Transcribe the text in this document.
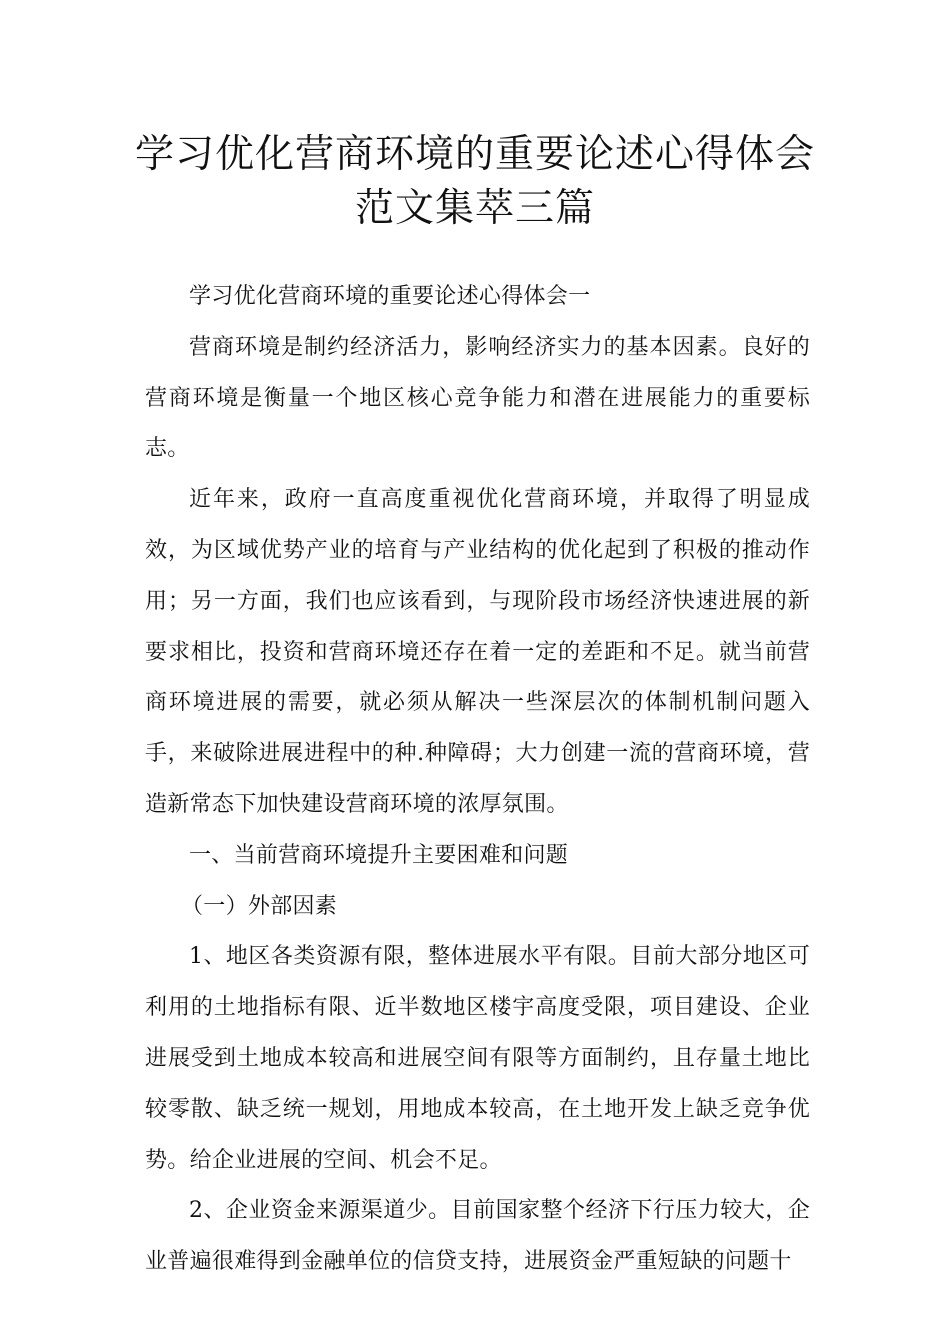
学习优化营商环境的重要论述心得体会
范文集萃三篇

学习优化营商环境的重要论述心得体会一

营商环境是制约经济活力，影响经济实力的基本因素。良好的营商环境是衡量一个地区核心竞争能力和潜在进展能力的重要标志。

近年来，政府一直高度重视优化营商环境，并取得了明显成效，为区域优势产业的培育与产业结构的优化起到了积极的推动作用；另一方面，我们也应该看到，与现阶段市场经济快速进展的新要求相比，投资和营商环境还存在着一定的差距和不足。就当前营商环境进展的需要，就必须从解决一些深层次的体制机制问题入手，来破除进展进程中的种.种障碍；大力创建一流的营商环境，营造新常态下加快建设营商环境的浓厚氛围。

一、当前营商环境提升主要困难和问题

（一）外部因素

1、地区各类资源有限，整体进展水平有限。目前大部分地区可利用的土地指标有限、近半数地区楼宇高度受限，项目建设、企业进展受到土地成本较高和进展空间有限等方面制约，且存量土地比较零散、缺乏统一规划，用地成本较高，在土地开发上缺乏竞争优势。给企业进展的空间、机会不足。

2、企业资金来源渠道少。目前国家整个经济下行压力较大，企业普遍很难得到金融单位的信贷支持，进展资金严重短缺的问题十
